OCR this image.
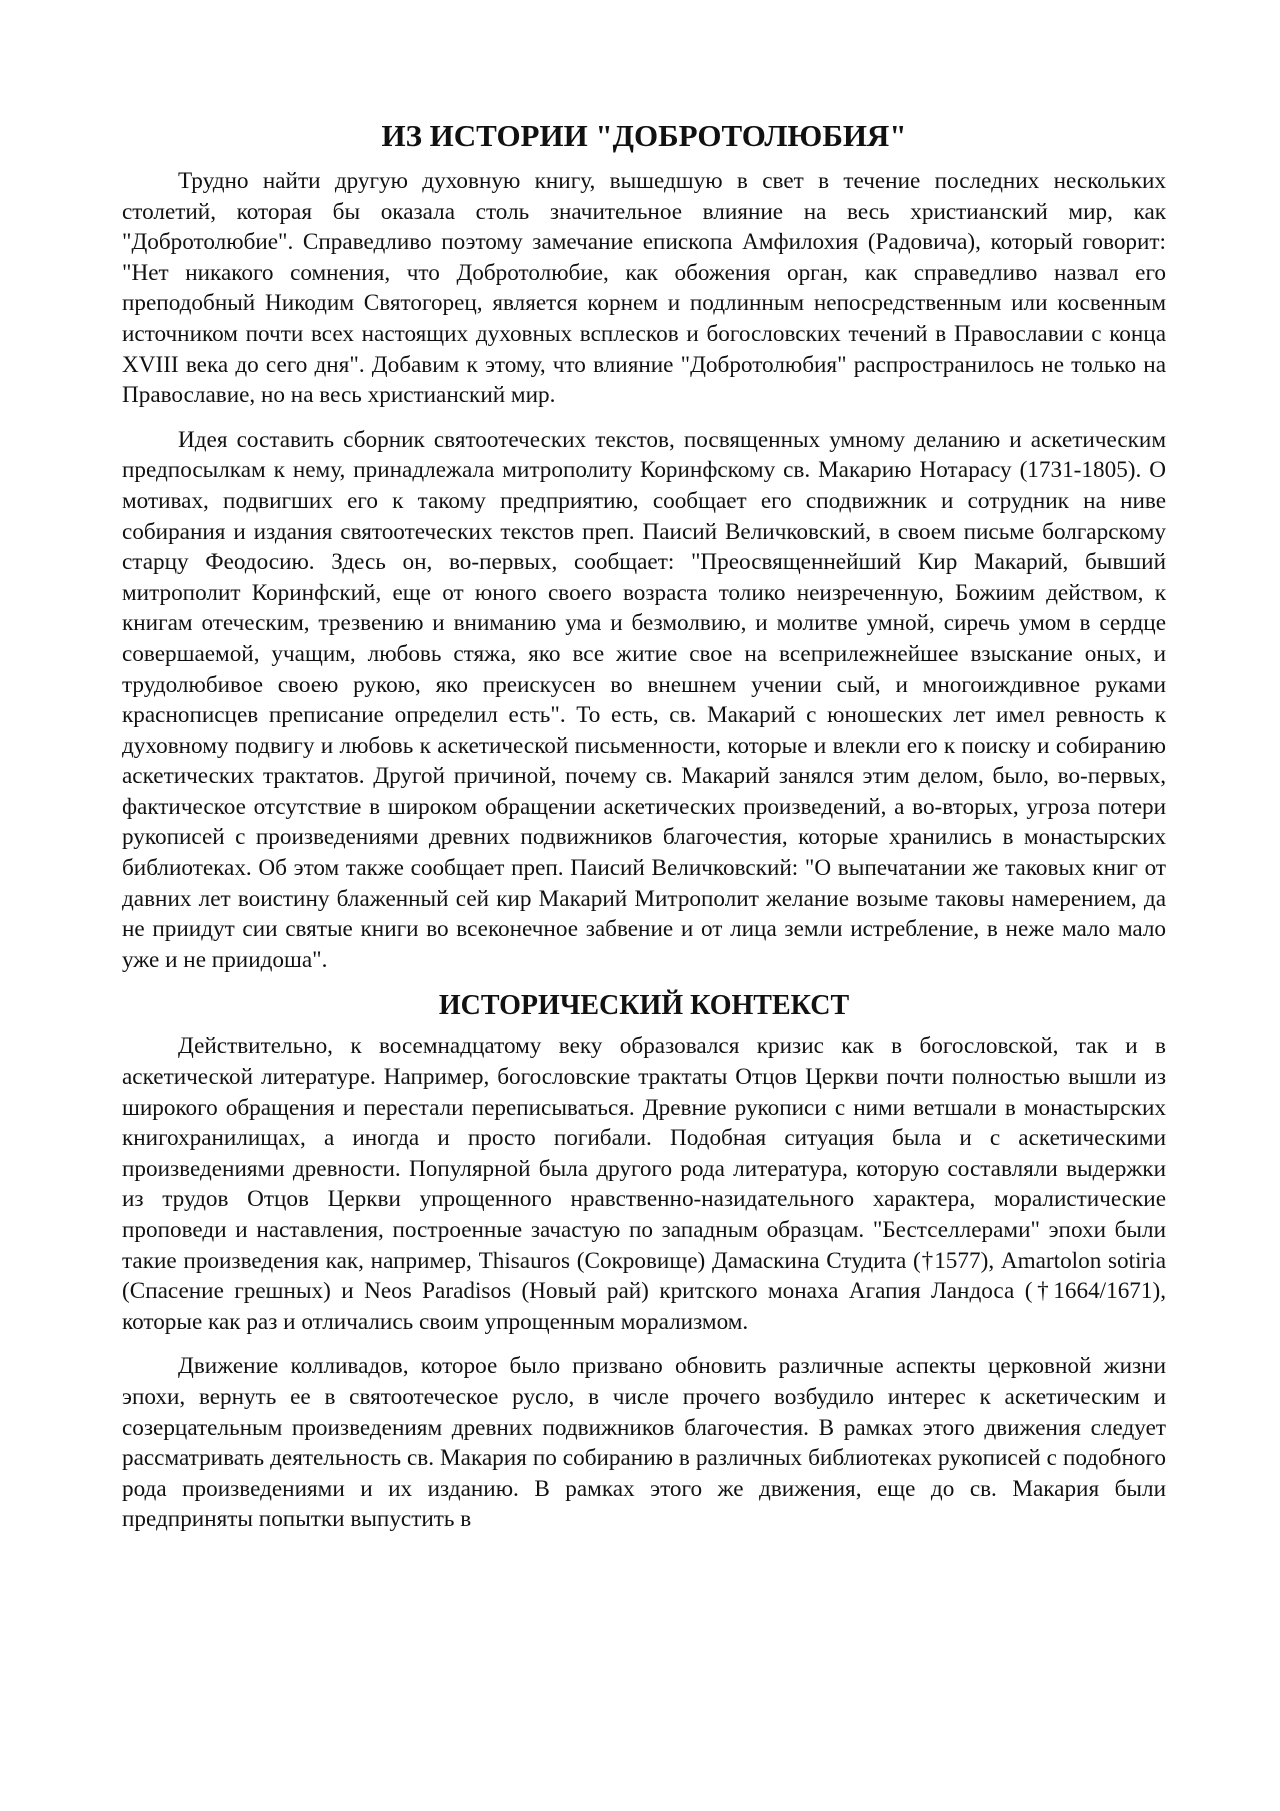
ИЗ ИСТОРИИ "ДОБРОТОЛЮБИЯ"

Трудно найти другую духовную книгу, вышедшую в свет в течение последних нескольких столетий, которая бы оказала столь значительное влияние на весь христианский мир, как "Добротолюбие". Справедливо поэтому замечание епископа Амфилохия (Радовича), который говорит: "Нет никакого сомнения, что Добротолюбие, как обожения орган, как справедливо назвал его преподобный Никодим Святогорец, является корнем и подлинным непосредственным или косвенным источником почти всех настоящих духовных всплесков и богословских течений в Православии с конца XVIII века до сего дня". Добавим к этому, что влияние "Добротолюбия" распространилось не только на Православие, но на весь христианский мир.

Идея составить сборник святоотеческих текстов, посвященных умному деланию и аскетическим предпосылкам к нему, принадлежала митрополиту Коринфскому св. Макарию Нотарасу (1731-1805). О мотивах, подвигших его к такому предприятию, сообщает его сподвижник и сотрудник на ниве собирания и издания святоотеческих текстов преп. Паисий Величковский, в своем письме болгарскому старцу Феодосию. Здесь он, во-первых, сообщает: "Преосвященнейший Кир Макарий, бывший митрополит Коринфский, еще от юного своего возраста толико неизреченную, Божиим действом, к книгам отеческим, трезвению и вниманию ума и безмолвию, и молитве умной, сиречь умом в сердце совершаемой, учащим, любовь стяжа, яко все житие свое на всеприлежнейшее взыскание оных, и трудолюбивое своею рукою, яко преискусен во внешнем учении сый, и многоиждивное руками краснописцев преписание определил есть". То есть, св. Макарий с юношеских лет имел ревность к духовному подвигу и любовь к аскетической письменности, которые и влекли его к поиску и собиранию аскетических трактатов. Другой причиной, почему св. Макарий занялся этим делом, было, во-первых, фактическое отсутствие в широком обращении аскетических произведений, а во-вторых, угроза потери рукописей с произведениями древних подвижников благочестия, которые хранились в монастырских библиотеках. Об этом также сообщает преп. Паисий Величковский: "О выпечатании же таковых книг от давних лет воистину блаженный сей кир Макарий Митрополит желание возыме таковы намерением, да не приидут сии святые книги во всеконечное забвение и от лица земли истребление, в неже мало мало уже и не приидоша".

ИСТОРИЧЕСКИЙ КОНТЕКСТ

Действительно, к восемнадцатому веку образовался кризис как в богословской, так и в аскетической литературе. Например, богословские трактаты Отцов Церкви почти полностью вышли из широкого обращения и перестали переписываться. Древние рукописи с ними ветшали в монастырских книгохранилищах, а иногда и просто погибали. Подобная ситуация была и с аскетическими произведениями древности. Популярной была другого рода литература, которую составляли выдержки из трудов Отцов Церкви упрощенного нравственно-назидательного характера, моралистические проповеди и наставления, построенные зачастую по западным образцам. "Бестселлерами" эпохи были такие произведения как, например, Thisauros (Сокровище) Дамаскина Студита (†1577), Amartolon sotiria (Спасение грешных) и Neos Paradisos (Новый рай) критского монаха Агапия Ландоса (†1664/1671), которые как раз и отличались своим упрощенным морализмом.

Движение колливадов, которое было призвано обновить различные аспекты церковной жизни эпохи, вернуть ее в святоотеческое русло, в числе прочего возбудило интерес к аскетическим и созерцательным произведениям древних подвижников благочестия. В рамках этого движения следует рассматривать деятельность св. Макария по собиранию в различных библиотеках рукописей с подобного рода произведениями и их изданию. В рамках этого же движения, еще до св. Макария были предприняты попытки выпустить в
